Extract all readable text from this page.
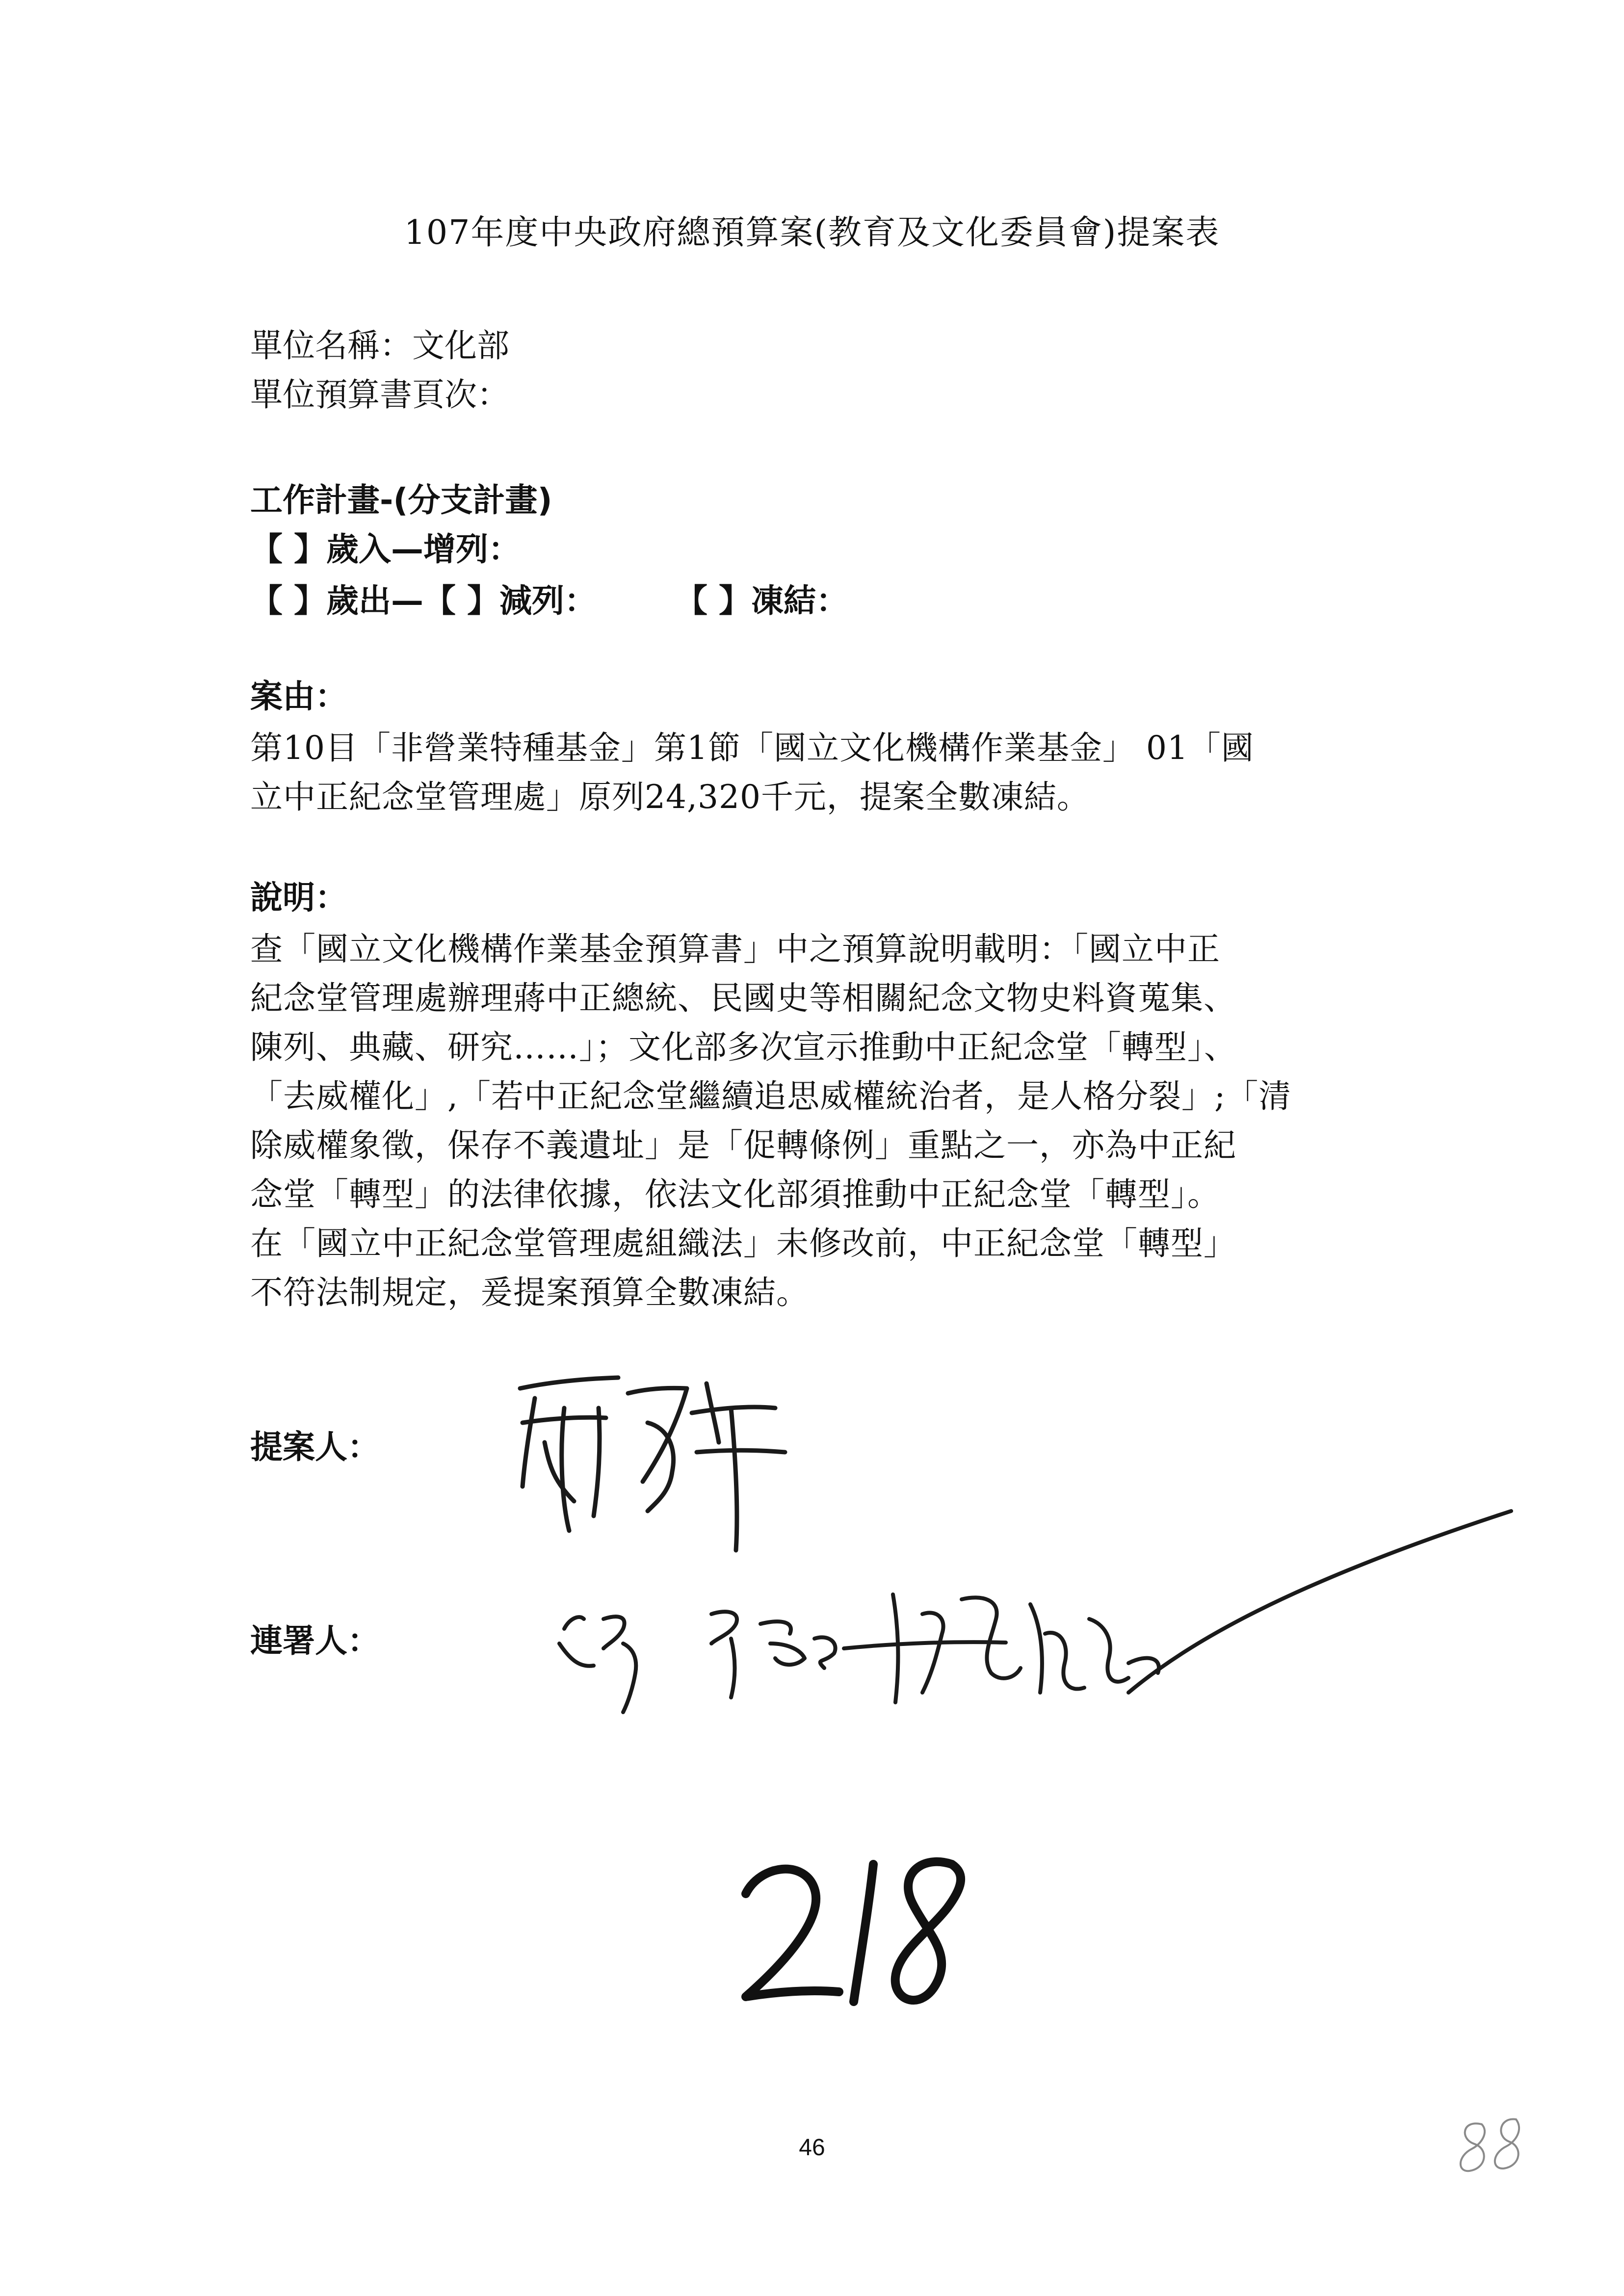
107年度中央政府總預算案(教育及文化委員會)提案表
單位名稱：文化部
單位預算書頁次：
工作計畫-(分支計畫)
【 】歲入—增列：
【 】歲出—【 】減列： 【 】凍結：
案由：
第10目「非營業特種基金」第1節「國立文化機構作業基金」 01「國
立中正紀念堂管理處」原列24,320千元，提案全數凍結。
說明：
查「國立文化機構作業基金預算書」中之預算說明載明：「國立中正
紀念堂管理處辦理蔣中正總統、民國史等相關紀念文物史料資蒐集、
陳列、典藏、研究……」；文化部多次宣示推動中正紀念堂「轉型」、
「去威權化」,「若中正紀念堂繼續追思威權統治者，是人格分裂」;「清
除威權象徵，保存不義遺址」是「促轉條例」重點之一，亦為中正紀
念堂「轉型」的法律依據，依法文化部須推動中正紀念堂「轉型」。
在「國立中正紀念堂管理處組織法」未修改前，中正紀念堂「轉型」
不符法制規定，爰提案預算全數凍結。
提案人：
連署人：
46
